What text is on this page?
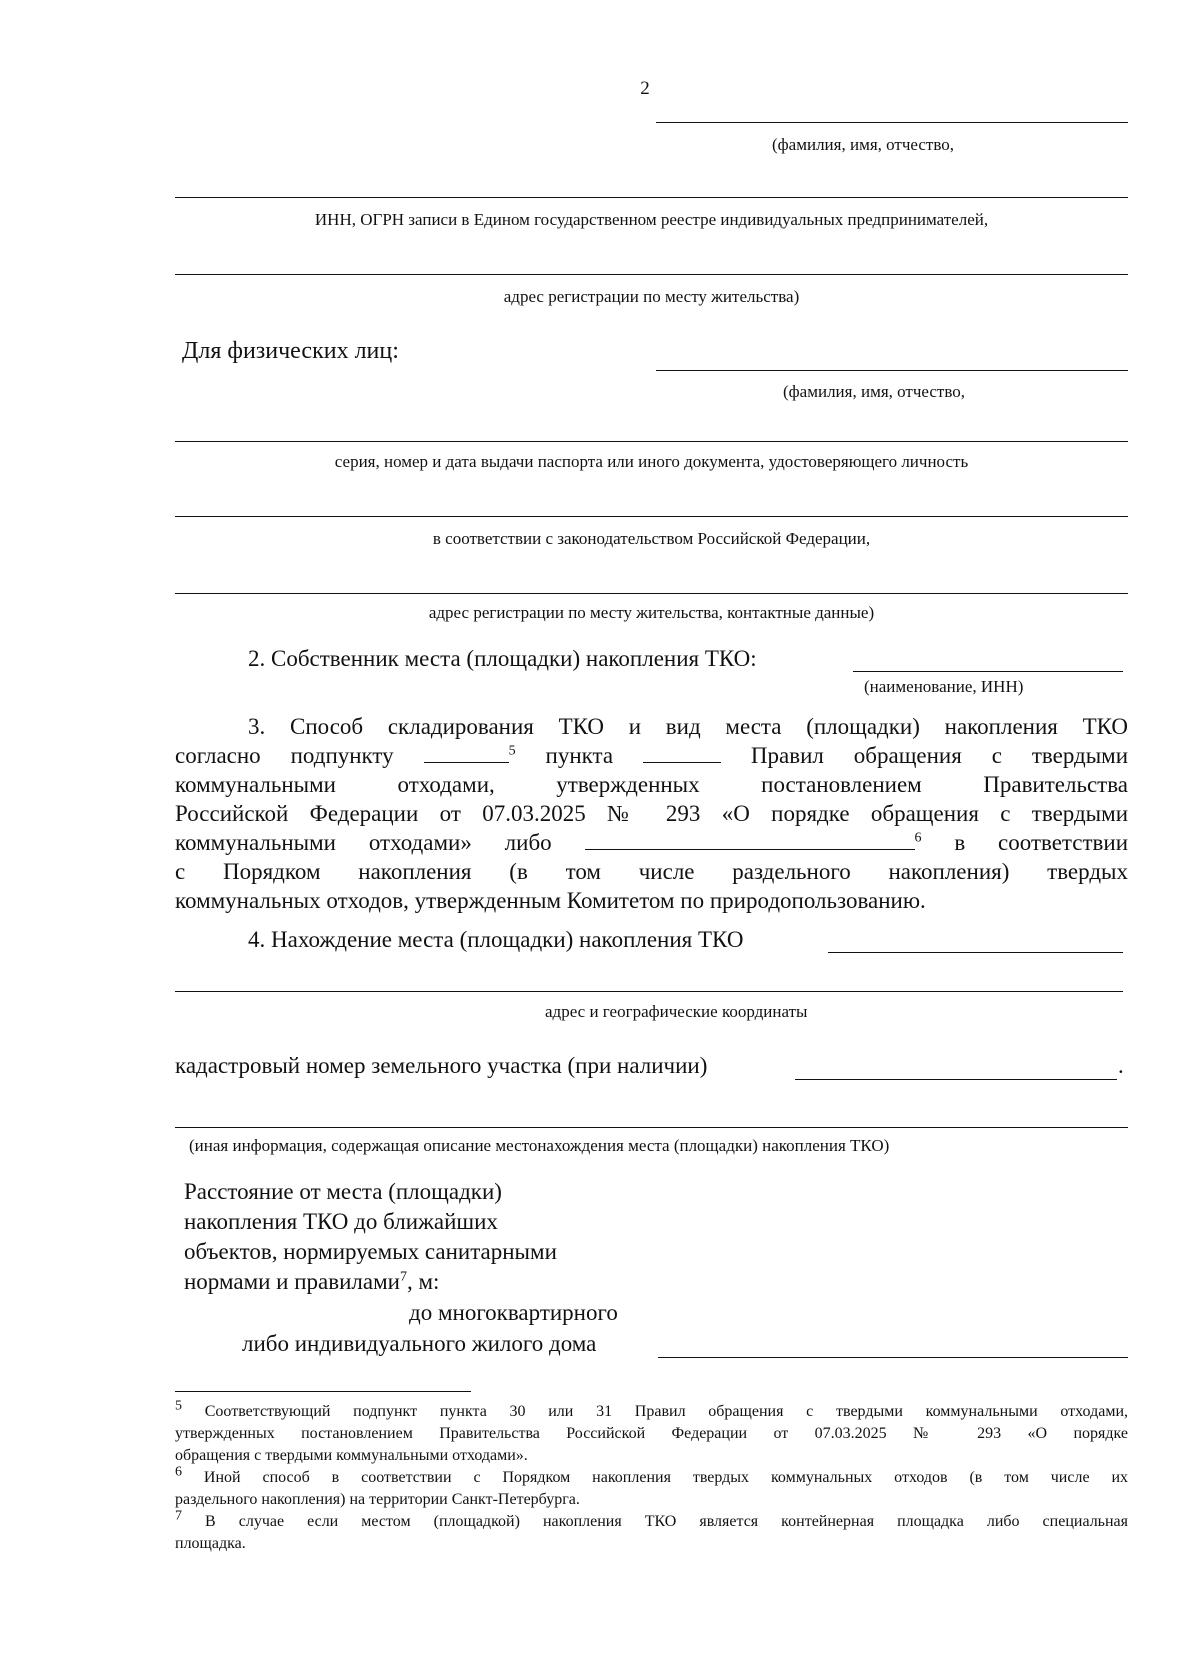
2
(фамилия, имя, отчество,
ИНН, ОГРН записи в Едином государственном реестре индивидуальных предпринимателей,
адрес регистрации по месту жительства)
Для физических лиц:
(фамилия, имя, отчество,
серия, номер и дата выдачи паспорта или иного документа, удостоверяющего личность
в соответствии с законодательством Российской Федерации,
адрес регистрации по месту жительства, контактные данные)
2. Собственник места (площадки) накопления ТКО:
(наименование, ИНН)
3. Способ складирования ТКО и вид места (площадки) накопления ТКО
согласно подпункту	$^5$ пункта	Правил обращения с твердыми
коммунальными отходами, утвержденных постановлением Правительства
Российской Федерации от 07.03.2025 № 293 «О порядке обращения с твердыми
коммунальными отходами» либо	$^6$ в соответствии
с Порядком накопления (в том числе раздельного накопления) твердых
коммунальных отходов, утвержденным Комитетом по природопользованию.
4. Нахождение места (площадки) накопления ТКО
адрес и географические координаты
кадастровый номер земельного участка (при наличии)	.
(иная информация, содержащая описание местонахождения места (площадки) накопления ТКО)
Расстояние от места (площадки)
накопления ТКО до ближайших
объектов, нормируемых санитарными
нормами и правилами$^7$, м:
до многоквартирного
либо индивидуального жилого дома
$^5$ Соответствующий подпункт пункта 30 или 31 Правил обращения с твердыми коммунальными отходами,
утвержденных постановлением Правительства Российской Федерации от 07.03.2025 № 293 «О порядке
обращения с твердыми коммунальными отходами».
$^6$ Иной способ в соответствии с Порядком накопления твердых коммунальных отходов (в том числе их
раздельного накопления) на территории Санкт-Петербурга.
$^7$ В случае если местом (площадкой) накопления ТКО является контейнерная площадка либо специальная
площадка.
